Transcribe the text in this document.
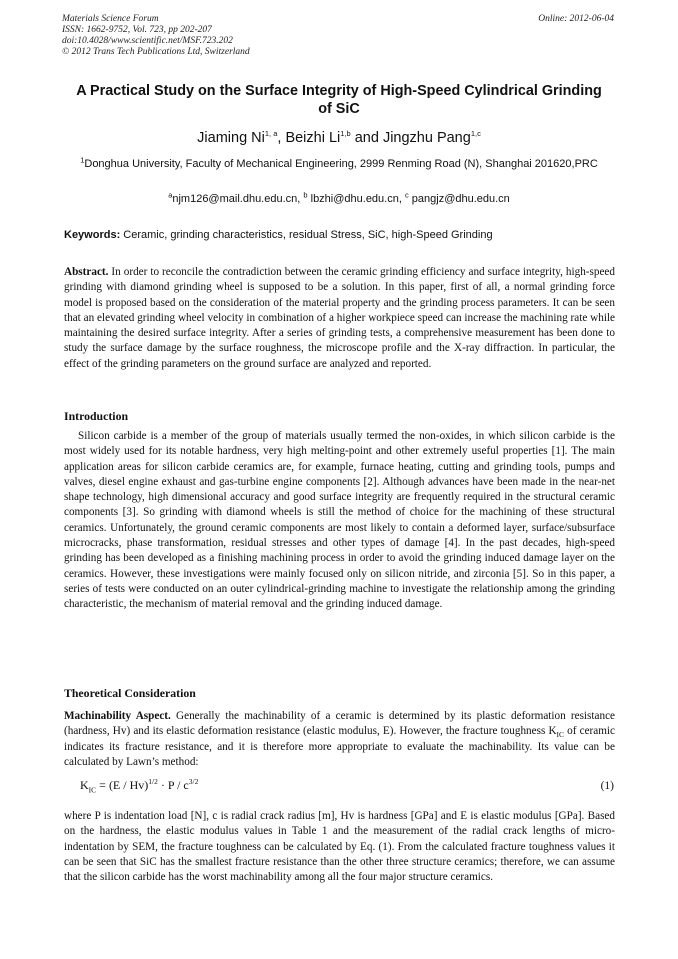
Materials Science Forum
ISSN: 1662-9752, Vol. 723, pp 202-207
doi:10.4028/www.scientific.net/MSF.723.202
© 2012 Trans Tech Publications Ltd, Switzerland
Online: 2012-06-04
A Practical Study on the Surface Integrity of High-Speed Cylindrical Grinding of SiC
Jiaming Ni$^{1, a}$, Beizhi Li$^{1,b}$ and Jingzhu Pang$^{1,c}$
$^1$Donghua University, Faculty of Mechanical Engineering, 2999 Renming Road (N), Shanghai 201620,PRC
$^a$njm126@mail.dhu.edu.cn, $^b$ lbzhi@dhu.edu.cn, $^c$ pangjz@dhu.edu.cn
Keywords: Ceramic, grinding characteristics, residual Stress, SiC, high-Speed Grinding
Abstract. In order to reconcile the contradiction between the ceramic grinding efficiency and surface integrity, high-speed grinding with diamond grinding wheel is supposed to be a solution. In this paper, first of all, a normal grinding force model is proposed based on the consideration of the material property and the grinding process parameters. It can be seen that an elevated grinding wheel velocity in combination of a higher workpiece speed can increase the machining rate while maintaining the desired surface integrity. After a series of grinding tests, a comprehensive measurement has been done to study the surface damage by the surface roughness, the microscope profile and the X-ray diffraction. In particular, the effect of the grinding parameters on the ground surface are analyzed and reported.
Introduction
Silicon carbide is a member of the group of materials usually termed the non-oxides, in which silicon carbide is the most widely used for its notable hardness, very high melting-point and other extremely useful properties [1]. The main application areas for silicon carbide ceramics are, for example, furnace heating, cutting and grinding tools, pumps and valves, diesel engine exhaust and gas-turbine engine components [2]. Although advances have been made in the near-net shape technology, high dimensional accuracy and good surface integrity are frequently required in the structural ceramic components [3]. So grinding with diamond wheels is still the method of choice for the machining of these structural ceramics. Unfortunately, the ground ceramic components are most likely to contain a deformed layer, surface/subsurface microcracks, phase transformation, residual stresses and other types of damage [4]. In the past decades, high-speed grinding has been developed as a finishing machining process in order to avoid the grinding induced damage layer on the ceramics. However, these investigations were mainly focused only on silicon nitride, and zirconia [5]. So in this paper, a series of tests were conducted on an outer cylindrical-grinding machine to investigate the relationship among the grinding characteristic, the mechanism of material removal and the grinding induced damage.
Theoretical Consideration
Machinability Aspect. Generally the machinability of a ceramic is determined by its plastic deformation resistance (hardness, Hv) and its elastic deformation resistance (elastic modulus, E). However, the fracture toughness $K_{IC}$ of ceramic indicates its fracture resistance, and it is therefore more appropriate to evaluate the machinability. Its value can be calculated by Lawn’s method:
$K_{IC} = (E / Hv)^{1/2} \cdot P / c^{3/2}$	(1)
where P is indentation load [N], c is radial crack radius [m], Hv is hardness [GPa] and E is elastic modulus [GPa]. Based on the hardness, the elastic modulus values in Table 1 and the measurement of the radial crack lengths of micro-indentation by SEM, the fracture toughness can be calculated by Eq. (1). From the calculated fracture toughness values it can be seen that SiC has the smallest fracture resistance than the other three structure ceramics; therefore, we can assume that the silicon carbide has the worst machinability among all the four major structure ceramics.
